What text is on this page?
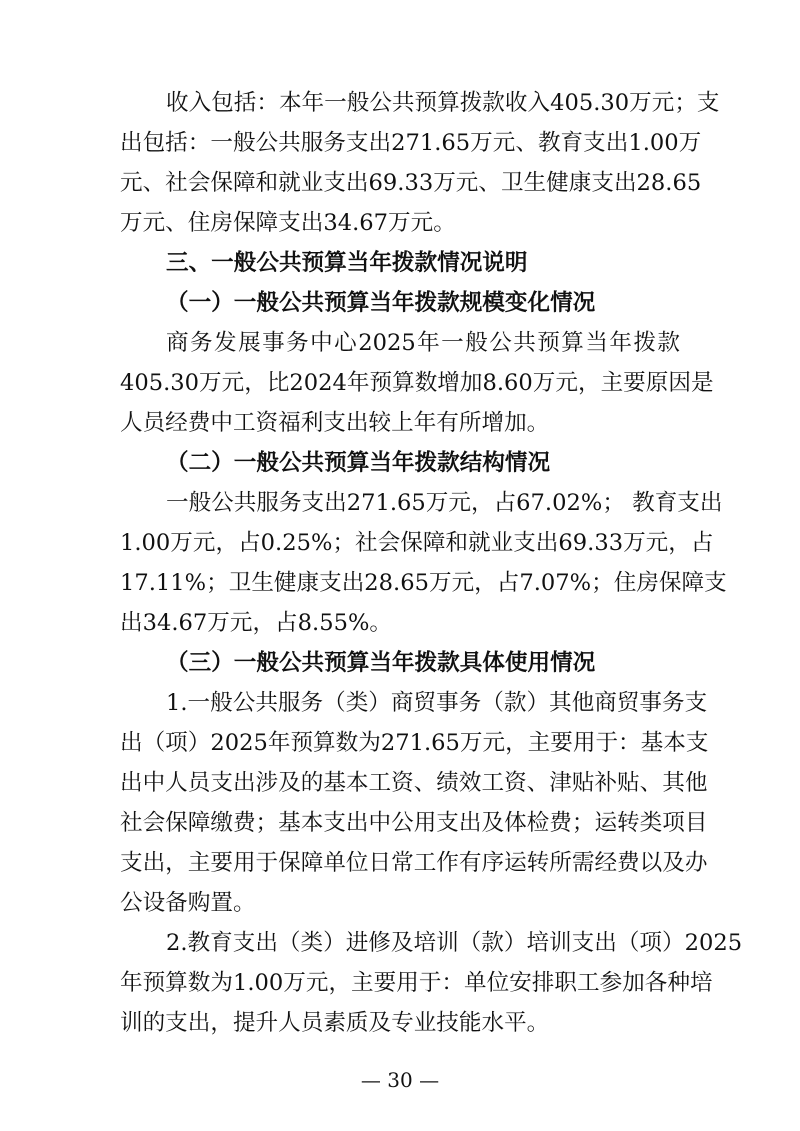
收入包括：本年一般公共预算拨款收入405.30万元；支
出包括：一般公共服务支出271.65万元、教育支出1.00万
元、社会保障和就业支出69.33万元、卫生健康支出28.65
万元、住房保障支出34.67万元。
三、一般公共预算当年拨款情况说明
（一）一般公共预算当年拨款规模变化情况
商务发展事务中心2025年一般公共预算当年拨款
405.30万元，比2024年预算数增加8.60万元，主要原因是
人员经费中工资福利支出较上年有所增加。
（二）一般公共预算当年拨款结构情况
一般公共服务支出271.65万元，占67.02%； 教育支出
1.00万元，占0.25%；社会保障和就业支出69.33万元，占
17.11%；卫生健康支出28.65万元，占7.07%；住房保障支
出34.67万元，占8.55%。
（三）一般公共预算当年拨款具体使用情况
1.一般公共服务（类）商贸事务（款）其他商贸事务支
出（项）2025年预算数为271.65万元，主要用于：基本支
出中人员支出涉及的基本工资、绩效工资、津贴补贴、其他
社会保障缴费；基本支出中公用支出及体检费；运转类项目
支出，主要用于保障单位日常工作有序运转所需经费以及办
公设备购置。
2.教育支出（类）进修及培训（款）培训支出（项）2025
年预算数为1.00万元，主要用于：单位安排职工参加各种培
训的支出，提升人员素质及专业技能水平。
— 30 —
